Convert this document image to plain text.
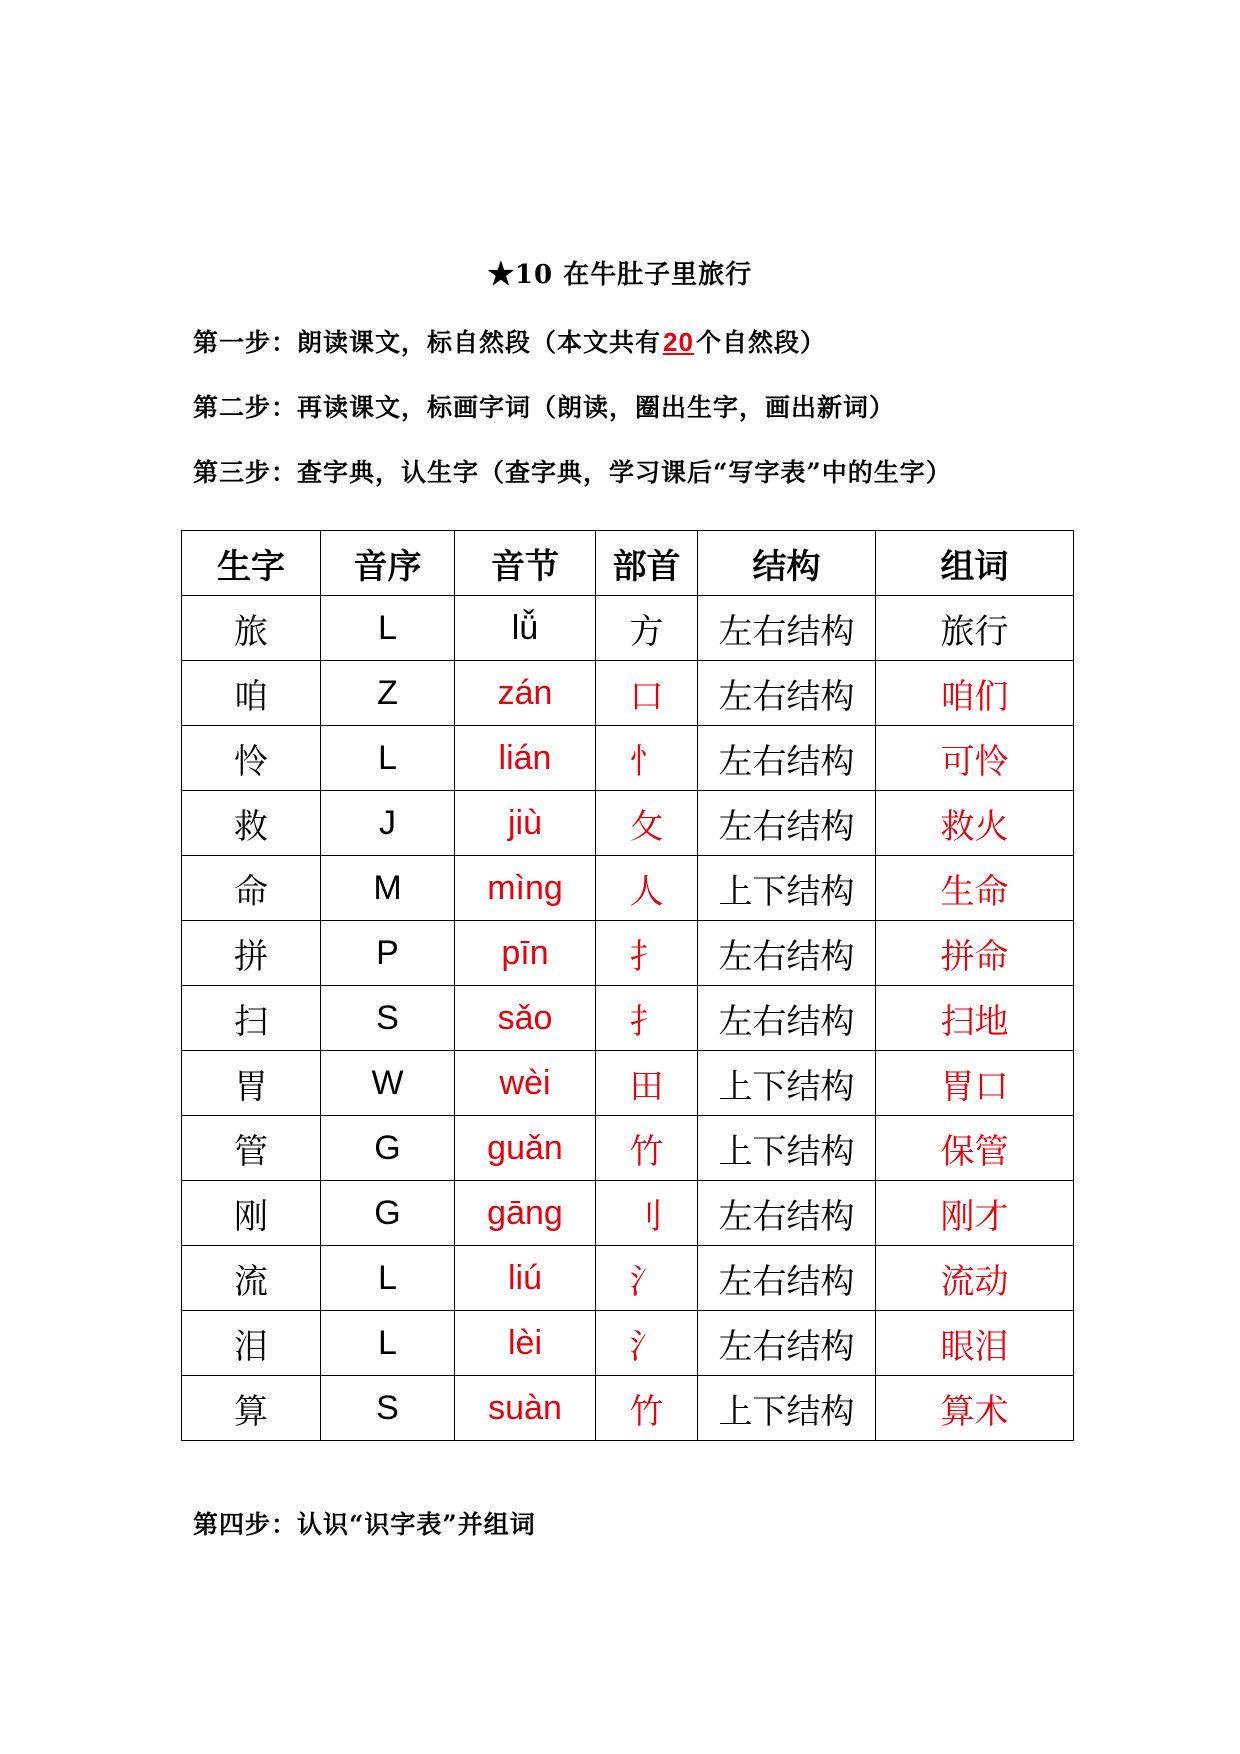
★10 在牛肚子里旅行
第一步：朗读课文，标自然段（本文共有20个自然段）
第二步：再读课文，标画字词（朗读，圈出生字，画出新词）
第三步：查字典，认生字（查字典，学习课后“写字表”中的生字）
生字	音序	音节	部首	结构	组词
旅	L	lǚ	方	左右结构	旅行
咱	Z	zán	口	左右结构	咱们
怜	L	lián	忄	左右结构	可怜
救	J	jiù	攵	左右结构	救火
命	M	mìng	人	上下结构	生命
拼	P	pīn	扌	左右结构	拼命
扫	S	sǎo	扌	左右结构	扫地
胃	W	wèi	田	上下结构	胃口
管	G	guǎn	竹	上下结构	保管
刚	G	gāng	刂	左右结构	刚才
流	L	liú	氵	左右结构	流动
泪	L	lèi	氵	左右结构	眼泪
算	S	suàn	竹	上下结构	算术
第四步：认识“识字表”并组词
